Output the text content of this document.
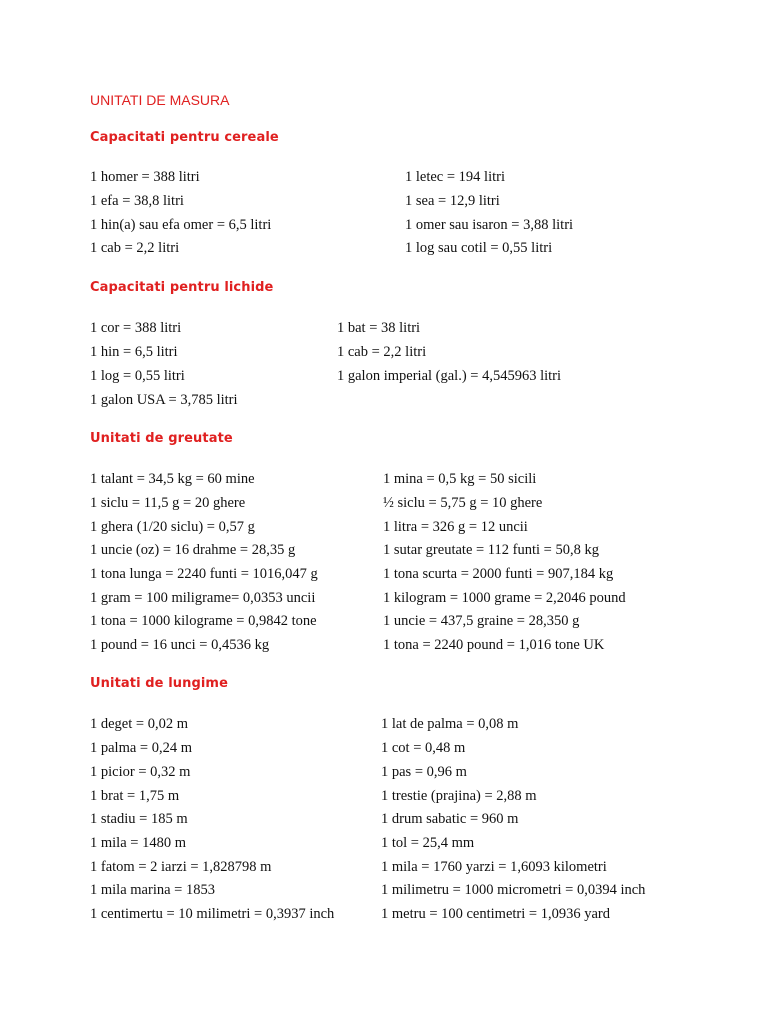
UNITATI DE MASURA
Capacitati pentru cereale
1 homer = 388 litri
1 efa = 38,8 litri
1 hin(a) sau efa omer = 6,5 litri
1 cab = 2,2 litri
1 letec = 194 litri
1 sea = 12,9 litri
1 omer sau isaron = 3,88 litri
1 log sau cotil = 0,55 litri
Capacitati pentru lichide
1 cor = 388 litri
1 hin = 6,5 litri
1 log = 0,55 litri
1 galon USA = 3,785 litri
1 bat = 38 litri
1 cab = 2,2 litri
1 galon imperial (gal.) = 4,545963 litri
Unitati de greutate
1 talant = 34,5 kg = 60 mine
1 siclu = 11,5 g = 20 ghere
1 ghera (1/20 siclu) = 0,57 g
1 uncie (oz) = 16 drahme = 28,35 g
1 tona lunga = 2240 funti = 1016,047 g
1 gram = 100 miligrame= 0,0353 uncii
1 tona = 1000 kilograme = 0,9842 tone
1 pound = 16 unci = 0,4536 kg
1 mina = 0,5 kg = 50 sicili
½ siclu = 5,75 g = 10 ghere
1 litra = 326 g = 12 uncii
1 sutar greutate = 112 funti = 50,8 kg
1 tona scurta = 2000 funti = 907,184 kg
1 kilogram = 1000 grame = 2,2046 pound
1 uncie = 437,5 graine = 28,350 g
1 tona = 2240 pound = 1,016 tone UK
Unitati de lungime
1 deget = 0,02 m
1 palma = 0,24 m
1 picior = 0,32 m
1 brat = 1,75 m
1 stadiu = 185 m
1 mila = 1480 m
1 fatom = 2 iarzi = 1,828798 m
1 mila marina = 1853
1 centimertu = 10 milimetri = 0,3937 inch
1 lat de palma = 0,08 m
1 cot = 0,48 m
1 pas = 0,96 m
1 trestie (prajina) = 2,88 m
1 drum sabatic = 960 m
1 tol = 25,4 mm
1 mila = 1760 yarzi = 1,6093 kilometri
1 milimetru = 1000 micrometri = 0,0394 inch
1 metru = 100 centimetri = 1,0936 yard
